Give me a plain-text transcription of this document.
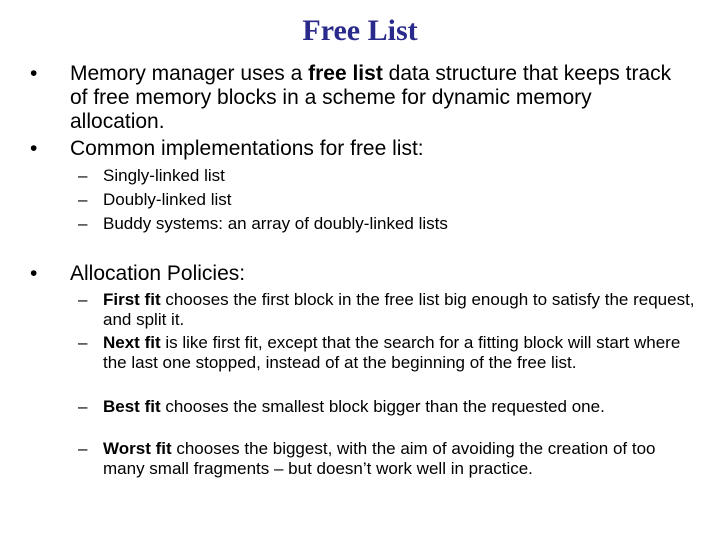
Free List
• Memory manager uses a free list data structure that keeps track of free memory blocks in a scheme for dynamic memory allocation.
• Common implementations for free list:
– Singly-linked list
– Doubly-linked list
– Buddy systems: an array of doubly-linked lists
• Allocation Policies:
– First fit chooses the first block in the free list big enough to satisfy the request, and split it.
– Next fit is like first fit, except that the search for a fitting block will start where the last one stopped, instead of at the beginning of the free list.
– Best fit chooses the smallest block bigger than the requested one.
– Worst fit chooses the biggest, with the aim of avoiding the creation of too many small fragments – but doesn’t work well in practice.
